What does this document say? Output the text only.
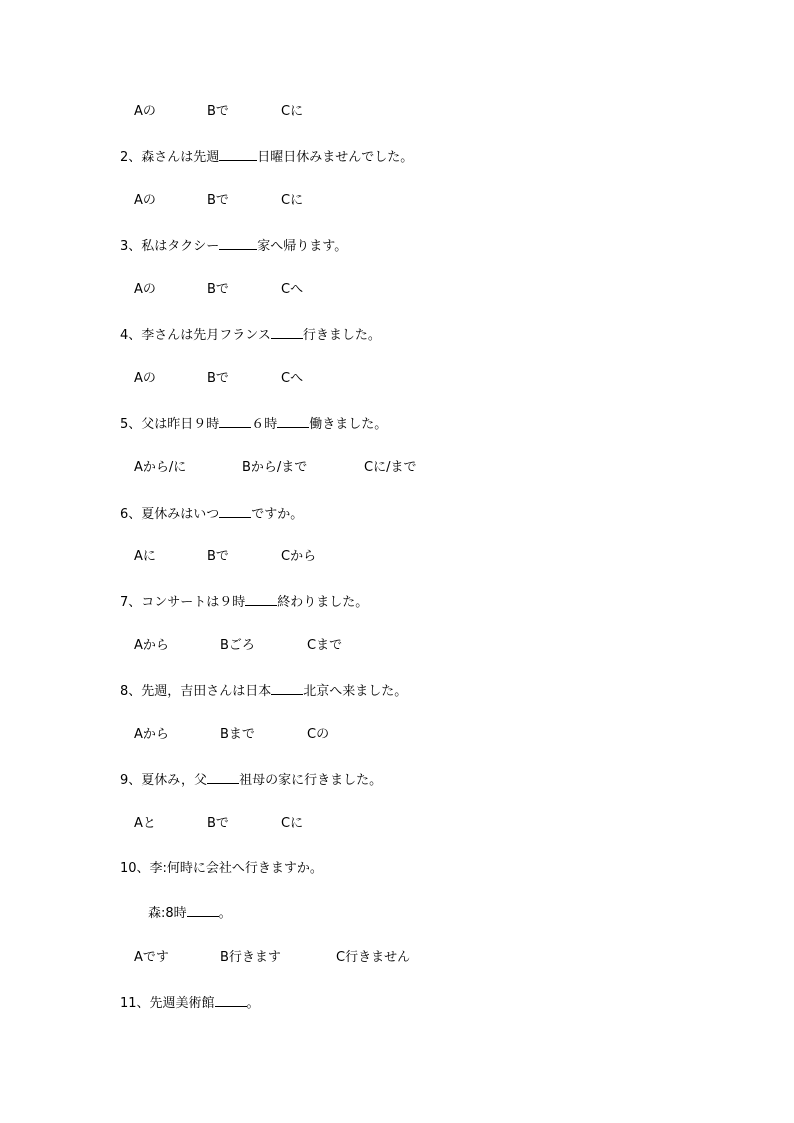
Aの	Bで	Cに
2、森さんは先週	日曜日休みませんでした。
Aの	Bで	Cに
3、私はタクシー	家へ帰ります。
Aの	Bで	Cへ
4、李さんは先月フランス 行きました。
Aの	Bで	Cへ
5、父は昨日９時 ６時 働きました。
Aから/に	Bから/まで	Cに/まで
6、夏休みはいつ ですか。
Aに	Bで	Cから
7、コンサートは９時 終わりました。
Aから	Bごろ	Cまで
8、先週，吉田さんは日本 北京へ来ました。
Aから	Bまで	Cの
9、夏休み，父 祖母の家に行きました。
Aと	Bで	Cに
10、李:何時に会社へ行きますか。
森:8時 。
Aです	B行きます	C行きません
11、先週美術館 。
